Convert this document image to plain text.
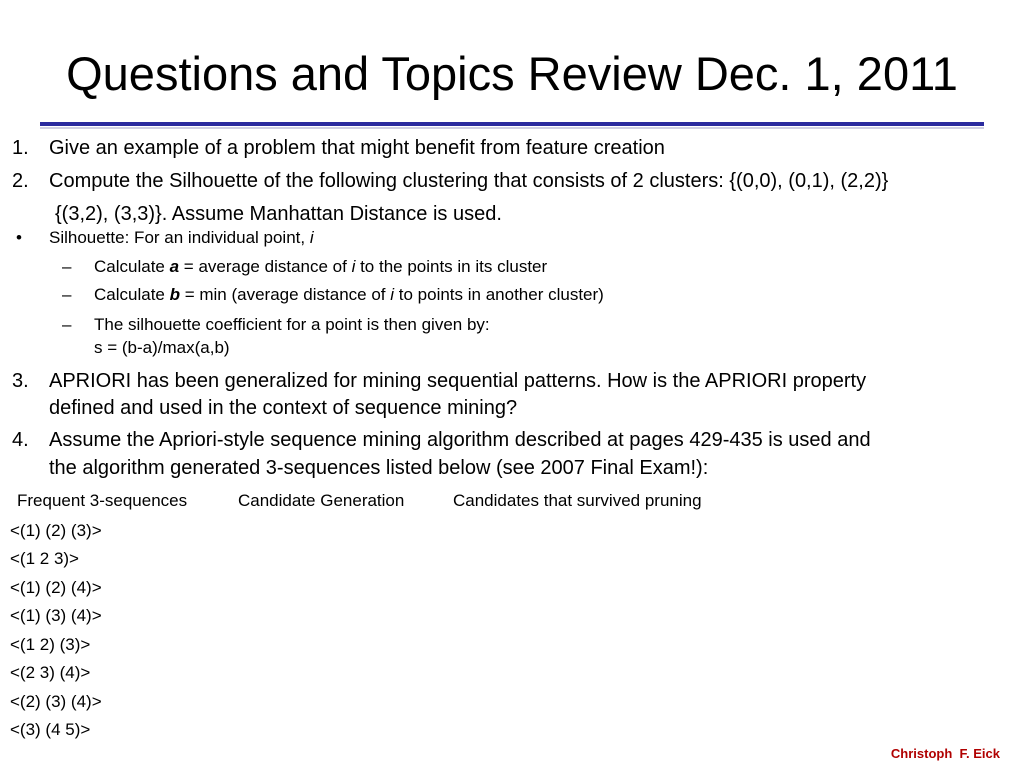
Questions and Topics Review Dec. 1, 2011
1. Give an example of a problem that might benefit from feature creation
2. Compute the Silhouette of the following clustering that consists of 2 clusters: {(0,0), (0,1), (2,2)}
{(3,2), (3,3)}. Assume Manhattan Distance is used.
• Silhouette: For an individual point, i
– Calculate a = average distance of i to the points in its cluster
– Calculate b = min (average distance of i to points in another cluster)
– The silhouette coefficient for a point is then given by:
s = (b-a)/max(a,b)
3. APRIORI has been generalized for mining sequential patterns. How is the APRIORI property
defined and used in the context of sequence mining?
4. Assume the Apriori-style sequence mining algorithm described at pages 429-435 is used and
the algorithm generated 3-sequences listed below (see 2007 Final Exam!):
Frequent 3-sequences	Candidate Generation	Candidates that survived pruning
<(1) (2) (3)>
<(1 2 3)>
<(1) (2) (4)>
<(1) (3) (4)>
<(1 2) (3)>
<(2 3) (4)>
<(2) (3) (4)>
<(3) (4 5)>
Christoph  F. Eick
